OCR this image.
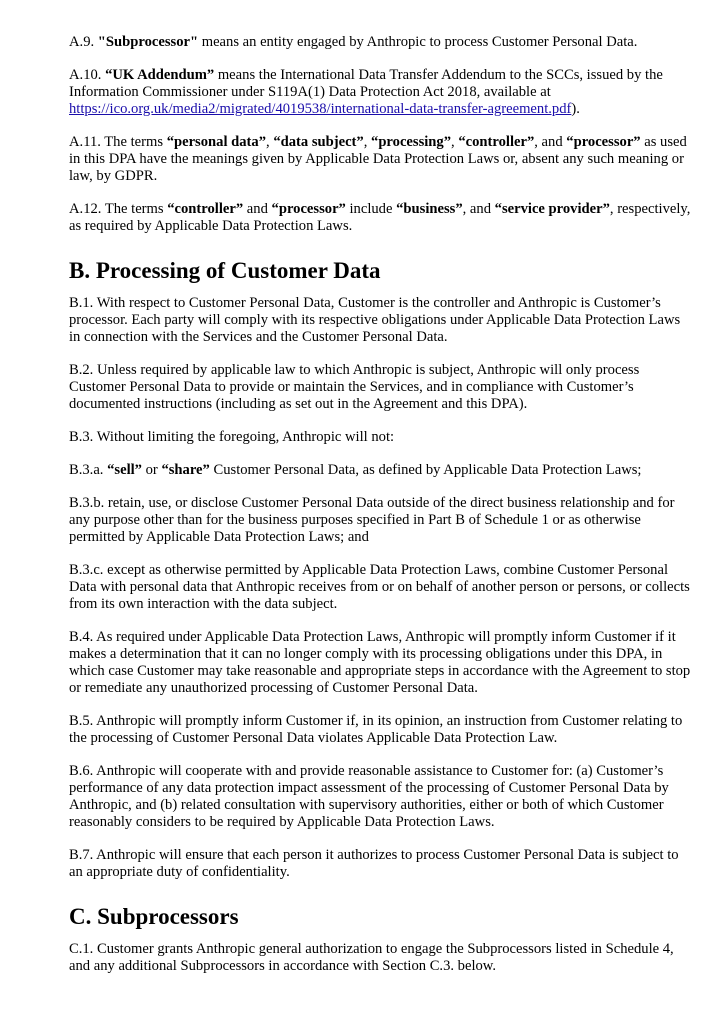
A.9. "Subprocessor" means an entity engaged by Anthropic to process Customer Personal Data.

A.10. “UK Addendum” means the International Data Transfer Addendum to the SCCs, issued by the Information Commissioner under S119A(1) Data Protection Act 2018, available at https://ico.org.uk/media2/migrated/4019538/international-data-transfer-agreement.pdf).

A.11. The terms “personal data”, “data subject”, “processing”, “controller”, and “processor” as used in this DPA have the meanings given by Applicable Data Protection Laws or, absent any such meaning or law, by GDPR.

A.12. The terms “controller” and “processor” include “business”, and “service provider”, respectively, as required by Applicable Data Protection Laws.

B. Processing of Customer Data

B.1. With respect to Customer Personal Data, Customer is the controller and Anthropic is Customer’s processor. Each party will comply with its respective obligations under Applicable Data Protection Laws in connection with the Services and the Customer Personal Data.

B.2. Unless required by applicable law to which Anthropic is subject, Anthropic will only process Customer Personal Data to provide or maintain the Services, and in compliance with Customer’s documented instructions (including as set out in the Agreement and this DPA).

B.3. Without limiting the foregoing, Anthropic will not:

B.3.a. “sell” or “share” Customer Personal Data, as defined by Applicable Data Protection Laws;

B.3.b. retain, use, or disclose Customer Personal Data outside of the direct business relationship and for any purpose other than for the business purposes specified in Part B of Schedule 1 or as otherwise permitted by Applicable Data Protection Laws; and

B.3.c. except as otherwise permitted by Applicable Data Protection Laws, combine Customer Personal Data with personal data that Anthropic receives from or on behalf of another person or persons, or collects from its own interaction with the data subject.

B.4. As required under Applicable Data Protection Laws, Anthropic will promptly inform Customer if it makes a determination that it can no longer comply with its processing obligations under this DPA, in which case Customer may take reasonable and appropriate steps in accordance with the Agreement to stop or remediate any unauthorized processing of Customer Personal Data.

B.5. Anthropic will promptly inform Customer if, in its opinion, an instruction from Customer relating to the processing of Customer Personal Data violates Applicable Data Protection Law.

B.6. Anthropic will cooperate with and provide reasonable assistance to Customer for: (a) Customer’s performance of any data protection impact assessment of the processing of Customer Personal Data by Anthropic, and (b) related consultation with supervisory authorities, either or both of which Customer reasonably considers to be required by Applicable Data Protection Laws.

B.7. Anthropic will ensure that each person it authorizes to process Customer Personal Data is subject to an appropriate duty of confidentiality.

C. Subprocessors

C.1. Customer grants Anthropic general authorization to engage the Subprocessors listed in Schedule 4, and any additional Subprocessors in accordance with Section C.3. below.
